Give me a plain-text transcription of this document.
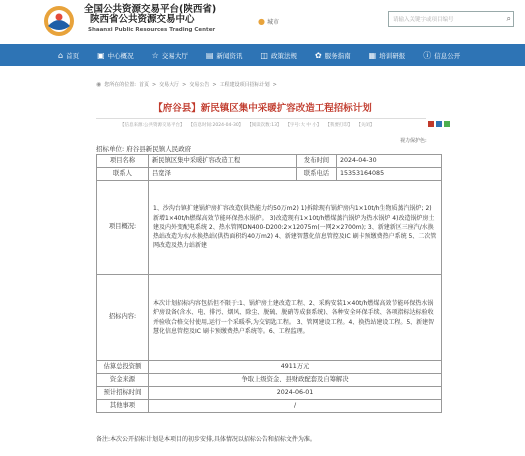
全国公共资源交易平台(陕西省)
陕西省公共资源交易中心
Shaanxi Public Resources Trading Center
● 城市	请输入关键字或项目编号	⌕
⌂ 首页 ▣ 中心概况 ☆ 交易大厅 ▤ 新闻资讯 ◫ 政策法规 ✿ 服务指南 ▦ 培训研报 ⓘ 信息公开
◉ 您所在的位置: 首页 > 交易大厅 > 交易公告 > 工程建设项目招标计划 >
【府谷县】新民镇区集中采暖扩容改造工程招标计划
【信息来源:公共资源交易平台】 【信息时间:2024-04-30】 【阅读次数:13】 【字号:大 中 小】 【我要打印】 【关闭】
视力保护色:
招标单位: 府谷县新民镇人民政府
项目名称	新民镇区集中采暖扩容改造工程	发布时间	2024-04-30
联系人	吕宽泽	联系电话	15353164085
项目概况:	1、沙沟台镇扩建锅炉房扩容改造(供热能力约50万m2) 1)拆除现有锅炉房内1×10t/h生物质蒸汽锅炉; 2)新增1×40t/h燃煤高效节能环保热水锅炉。 3)改造现有1×10t/h燃煤蒸汽锅炉为热水锅炉 4)改造锅炉房土建及内外变配电系统 2、热水管网DN400-D200:2×12075m(一网2×2700m); 3、新建新区三座汽/水换热站改造为水/水换热站(供热面积约40万m2) 4、新建智慧化信息管控及IC 刷卡预缴费热户系统 5、二次管网改造及热力站新建		
招标内容:	本次计划招标内容包括但不限于:1、锅炉房土建改造工程、2、采购安装1×40t/h燃煤高效节能环保热水锅炉房设备(含水、电、排污、烟风、除尘、脱硫、脱硝等成套系统)、各种安全环保手续、各项指标达标验收并验收合格交付使用,运行一个采暖季,为交钥匙工程。 3、管网建设工程。4、换热站建设工程。5、新建智慧化信息管控及IC 刷卡预缴费热户系统等。6、工程监理。		
估算总投资额	4911万元		
资金来源	争取上级资金、县财政配套及自筹解决		
预计招标时间	2024-06-01		
其他事项	/		
备注:本次公开招标计划是本项目的初步安排,具体情况以招标公告和招标文件为准。
